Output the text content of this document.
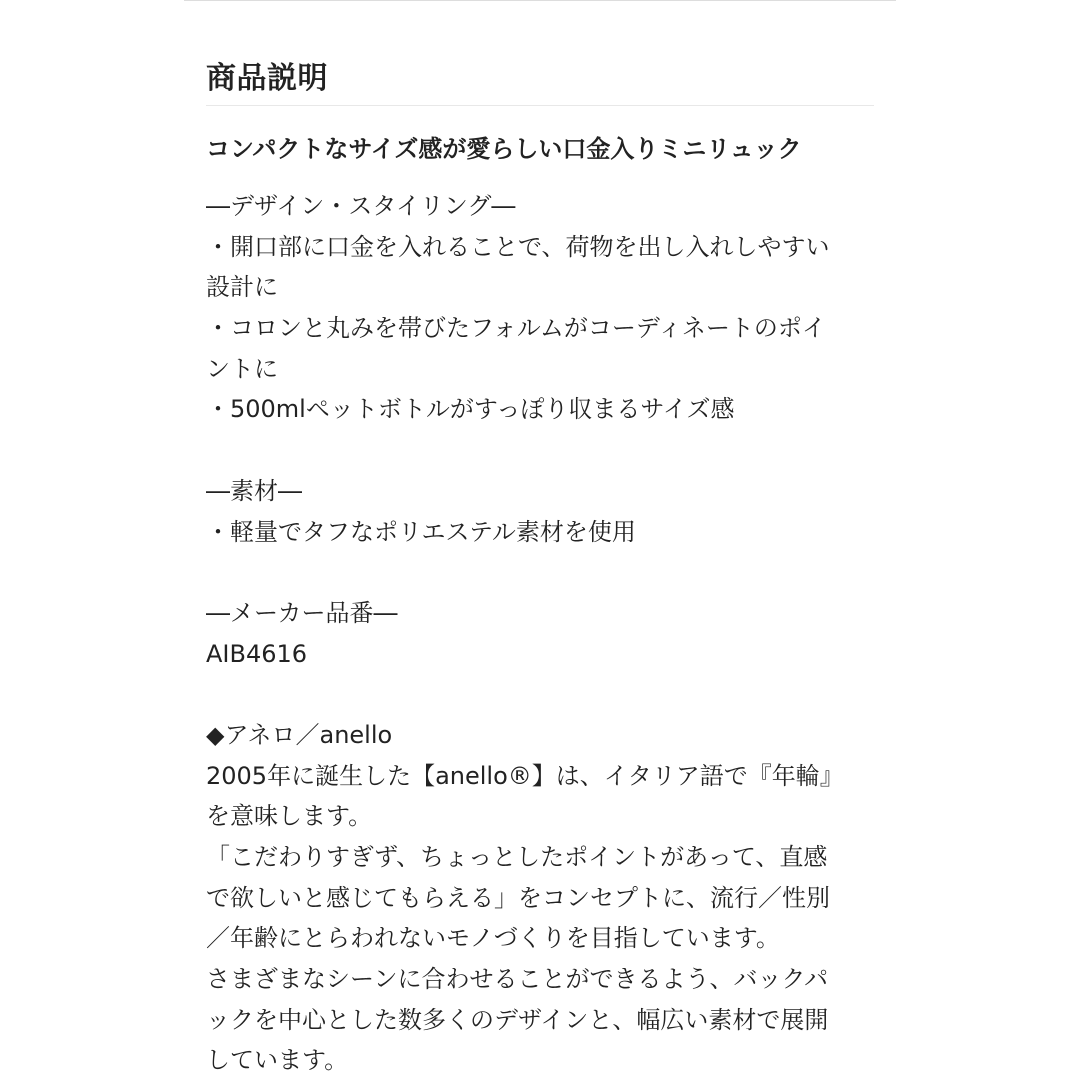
商品説明
コンパクトなサイズ感が愛らしい口金入りミニリュック
―デザイン・スタイリング―
・開口部に口金を入れることで、荷物を出し入れしやすい
設計に
・コロンと丸みを帯びたフォルムがコーディネートのポイ
ントに
・500mlペットボトルがすっぽり収まるサイズ感
―素材―
・軽量でタフなポリエステル素材を使用
―メーカー品番―
AIB4616
◆アネロ／anello
2005年に誕生した【anello®】は、イタリア語で『年輪』
を意味します。
「こだわりすぎず、ちょっとしたポイントがあって、直感
で欲しいと感じてもらえる」をコンセプトに、流行／性別
／年齢にとらわれないモノづくりを目指しています。
さまざまなシーンに合わせることができるよう、バックパ
ックを中心とした数多くのデザインと、幅広い素材で展開
しています。
